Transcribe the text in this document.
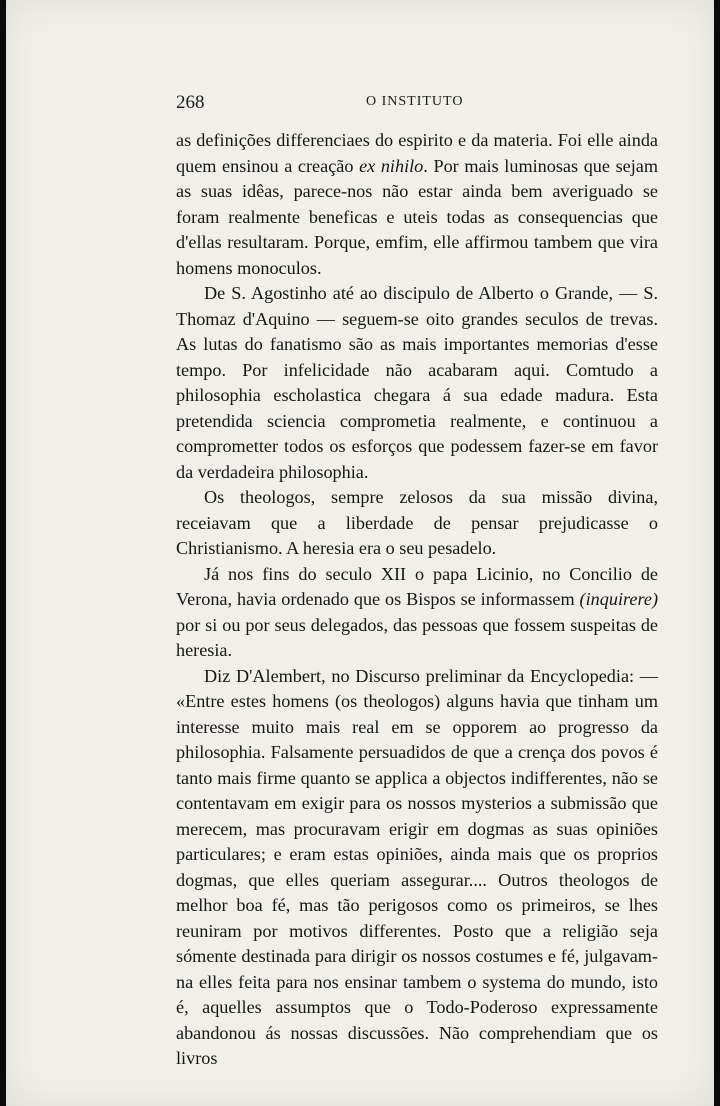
268	O INSTITUTO

as definições differenciaes do espirito e da materia. Foi elle ainda quem ensinou a creação ex nihilo. Por mais luminosas que sejam as suas idêas, parece-nos não estar ainda bem averiguado se foram realmente beneficas e uteis todas as consequencias que d'ellas resultaram. Porque, emfim, elle affirmou tambem que vira homens monoculos.

De S. Agostinho até ao discipulo de Alberto o Grande, — S. Thomaz d'Aquino — seguem-se oito grandes seculos de trevas. As lutas do fanatismo são as mais importantes memorias d'esse tempo. Por infelicidade não acabaram aqui. Comtudo a philosophia escholastica chegara á sua edade madura. Esta pretendida sciencia comprometia realmente, e continuou a comprometter todos os esforços que podessem fazer-se em favor da verdadeira philosophia.

Os theologos, sempre zelosos da sua missão divina, receiavam que a liberdade de pensar prejudicasse o Christianismo. A heresia era o seu pesadelo.

Já nos fins do seculo XII o papa Licinio, no Concilio de Verona, havia ordenado que os Bispos se informassem (inquirere) por si ou por seus delegados, das pessoas que fossem suspeitas de heresia.

Diz D'Alembert, no Discurso preliminar da Encyclopedia: — «Entre estes homens (os theologos) alguns havia que tinham um interesse muito mais real em se opporem ao progresso da philosophia. Falsamente persuadidos de que a crença dos povos é tanto mais firme quanto se applica a objectos indifferentes, não se contentavam em exigir para os nossos mysterios a submissão que merecem, mas procuravam erigir em dogmas as suas opiniões particulares; e eram estas opiniões, ainda mais que os proprios dogmas, que elles queriam assegurar.... Outros theologos de melhor boa fé, mas tão perigosos como os primeiros, se lhes reuniram por motivos differentes. Posto que a religião seja sómente destinada para dirigir os nossos costumes e fé, julgavam-na elles feita para nos ensinar tambem o systema do mundo, isto é, aquelles assumptos que o Todo-Poderoso expressamente abandonou ás nossas discussões. Não comprehendiam que os livros
